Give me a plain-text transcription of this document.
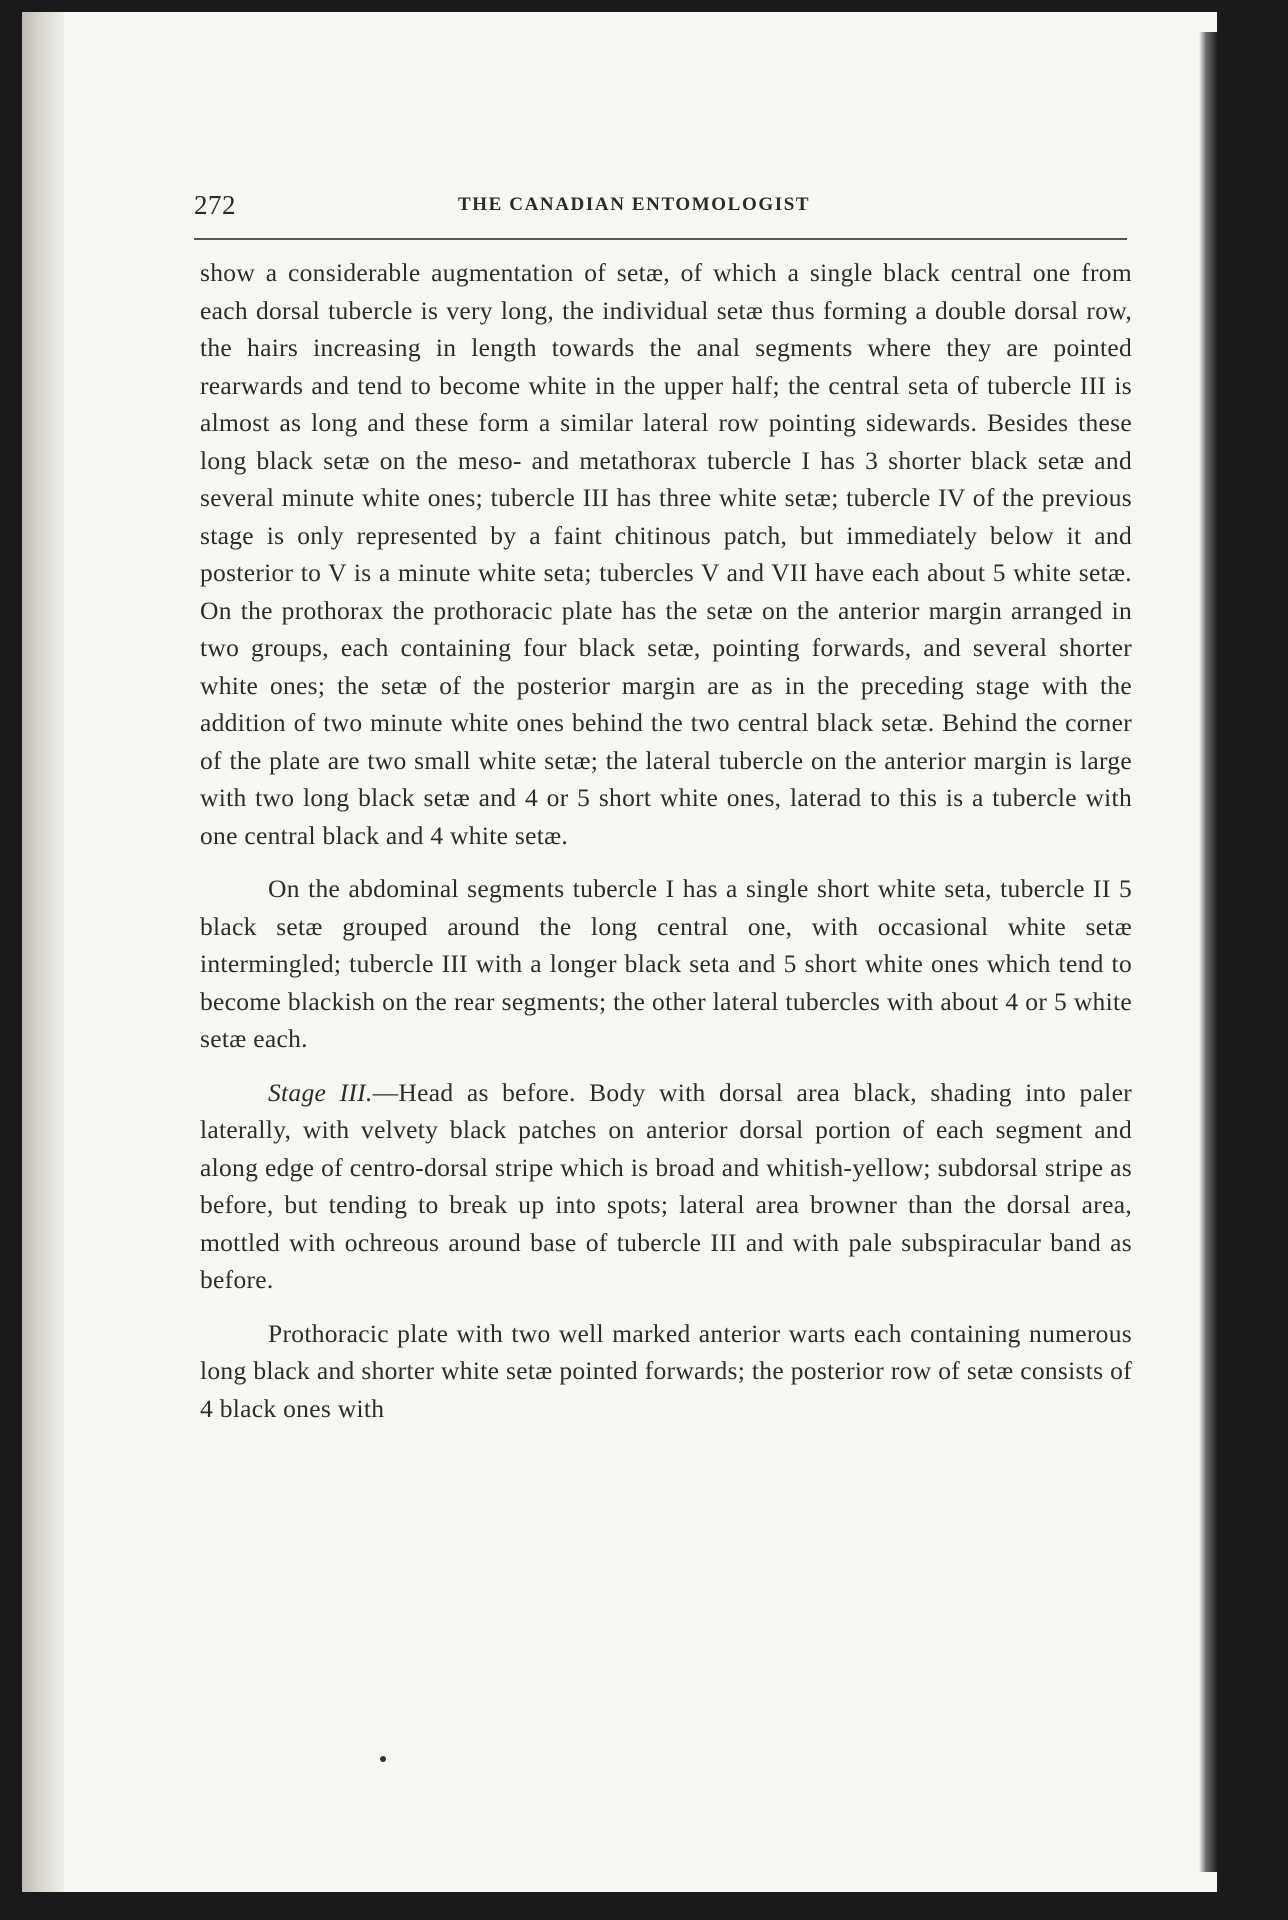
272	THE CANADIAN ENTOMOLOGIST

show a considerable augmentation of setæ, of which a single black central one from each dorsal tubercle is very long, the individual setæ thus forming a double dorsal row, the hairs increasing in length towards the anal segments where they are pointed rearwards and tend to become white in the upper half; the central seta of tubercle III is almost as long and these form a similar lateral row pointing sidewards. Besides these long black setæ on the meso- and metathorax tubercle I has 3 shorter black setæ and several minute white ones; tubercle III has three white setæ; tubercle IV of the previous stage is only represented by a faint chitinous patch, but immediately below it and posterior to V is a minute white seta; tubercles V and VII have each about 5 white setæ. On the prothorax the prothoracic plate has the setæ on the anterior margin arranged in two groups, each containing four black setæ, pointing forwards, and several shorter white ones; the setæ of the posterior margin are as in the preceding stage with the addition of two minute white ones behind the two central black setæ. Behind the corner of the plate are two small white setæ; the lateral tubercle on the anterior margin is large with two long black setæ and 4 or 5 short white ones, laterad to this is a tubercle with one central black and 4 white setæ.

On the abdominal segments tubercle I has a single short white seta, tubercle II 5 black setæ grouped around the long central one, with occasional white setæ intermingled; tubercle III with a longer black seta and 5 short white ones which tend to become blackish on the rear segments; the other lateral tubercles with about 4 or 5 white setæ each.

Stage III.—Head as before. Body with dorsal area black, shading into paler laterally, with velvety black patches on anterior dorsal portion of each segment and along edge of centro-dorsal stripe which is broad and whitish-yellow; subdorsal stripe as before, but tending to break up into spots; lateral area browner than the dorsal area, mottled with ochreous around base of tubercle III and with pale subspiracular band as before.

Prothoracic plate with two well marked anterior warts each containing numerous long black and shorter white setæ pointed forwards; the posterior row of setæ consists of 4 black ones with
